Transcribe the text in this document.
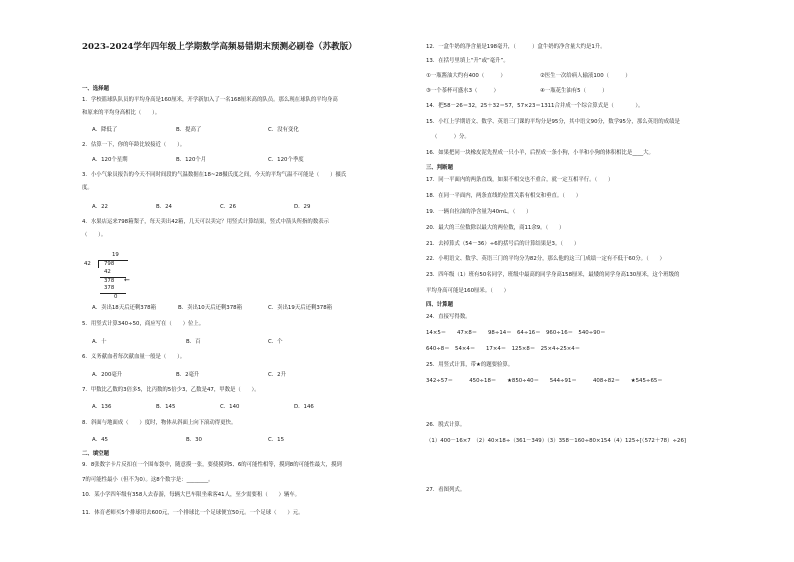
2023-2024学年四年级上学期数学高频易错期末预测必刷卷（苏教版）
一、选择题
1．学校篮球队队员的平均身高是160厘米，开学新加入了一名168厘米高的队员。那么现在球队的平均身高
和原来的平均身高相比（　　）。
A．降低了	B．提高了	C．没有变化
2．估算一下，你的年龄比较接近（　　）。
A．120个星期	B．120个月	C．120个季度
3．小小气象员报告的今天不同时间段的气温数据在18~28摄氏度之间，今天的平均气温不可能是（　　）摄氏
度。
A．22	B．24	C．26	D．29
4．水果店运来798箱梨子，每天卖出42箱，几天可以卖完？用竖式计算结果，竖式中箭头所指的数表示
（　　）。
A．卖出18天后还剩378箱	B．卖出10天后还剩378箱	C．卖出19天后还剩378箱
5．用竖式计算340÷50，商应写在（　　）位上。
A．十	B．百	C．个
6．义务献血者每次献血量一般是（　　）。
A．200毫升	B．2毫升	C．2升
7．甲数比乙数的3倍多5，比丙数的5倍少3，乙数是47，甲数是（　　）。
A．136	B．145	C．140	D．146
8．斜面与地面成（　　）度时，物体从斜面上向下滚动得更快。
A．45	B．30	C．15
二、填空题
9．8张数字卡片反扣在一个围布袋中，随意摸一张，要使摸到5、6的可能性相等，摸到8的可能性最大，摸到
7的可能性最小（但不为0）。这8个数字是：________。
10．某小学四年级有358人去春游，每辆大巴车限坐乘客41人，至少需要租（　　）辆车。
11．体育老师买5个排球用去600元，一个排球比一个足球便宜50元。一个足球（　　）元。
12．一盒牛奶的净含量是198毫升，（　　　）盒牛奶的净含量大约是1升。
13．在括号里填上“升”或“毫升”。
①一瓶酱油大约有400（　　　）	②医生一次给病人输液100（　　　）
③一个茶杯可盛水3（　　　）	④一瓶花生油有5（　　　）
14．把58－26＝32，25＋32＝57，57×23＝1311合并成一个综合算式是（　　　　）。
15．小红上学期语文、数学、英语三门课的平均分是95分，其中语文90分，数学95分，那么英语的成绩是
（　　　）分。
16．如果把同一块橡皮泥先捏成一只小羊，后捏成一条小狗，小羊和小狗的体积相比是____大。
三、判断题
17．同一平面内的两条直线，如果不相交也不重合，就一定互相平行。（　　）
18．在同一平面内，两条直线的位置关系有相交和垂直。（　　）
19．一辆自拉油的净含量为40mL。（　　）
20．最大的三位数除以最大的两位数，商11余9。（　　）
21．去掉算式（54－36）÷6的括号后的计算结果是3。（　　）
22．小明语文、数学、英语三门的平均分为82分，那么他的这三门成绩一定有不低于60分。（　　）
23．四年级（1）班有50名同学，班级中最高的同学身高158厘米，最矮的同学身高130厘米，这个班级的
平均身高可能是160厘米。（　　）
四、计算题
24．直接写得数。
14×5＝　　47×8＝　　98÷14＝　64÷16＝　960÷16＝　540÷90＝
640÷8＝　54×4＝　　17×4＝　125×8＝　25×4÷25×4＝
25．用竖式计算，带★的题要验算。
342÷57＝　　　450÷18＝　　★850÷40＝　　544÷91＝　　　408÷82＝　　★545÷65＝
26．脱式计算。
（1）400－16×7　（2）40×18÷（361－349）（3）358－160÷80×154（4）125÷[（572＋78）÷26]
27．看图列式。
19
42 798
42
378 ←
378
0
